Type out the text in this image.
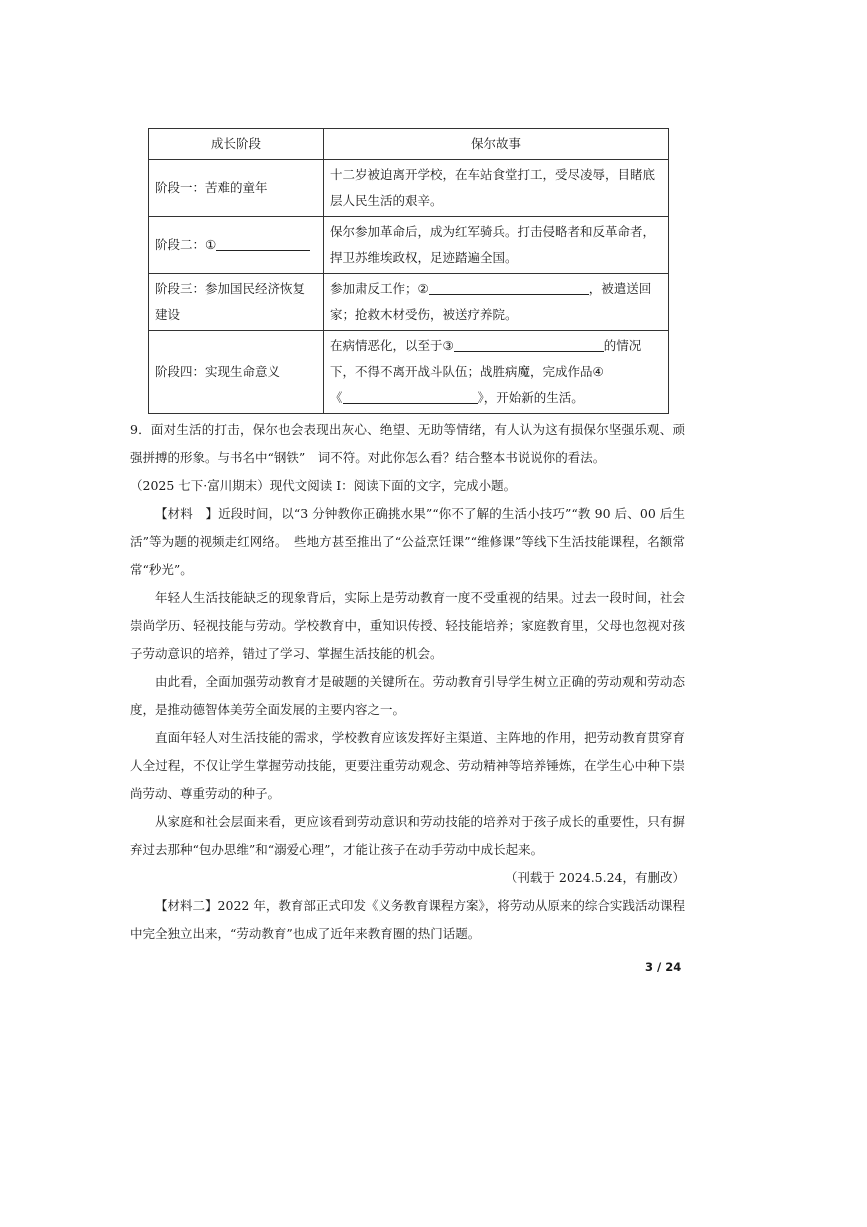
成长阶段	保尔故事
阶段一：苦难的童年	十二岁被迫离开学校，在车站食堂打工，受尽凌辱，目睹底层人民生活的艰辛。
阶段二：①	保尔参加革命后，成为红军骑兵。打击侵略者和反革命者，捍卫苏维埃政权，足迹踏遍全国。
阶段三：参加国民经济恢复建设	参加肃反工作；② ，被遣送回家；抢救木材受伤，被送疗养院。
阶段四：实现生命意义	在病情恶化，以至于③ 的情况下，不得不离开战斗队伍；战胜病魔，完成作品④
《 》，开始新的生活。

9．面对生活的打击，保尔也会表现出灰心、绝望、无助等情绪，有人认为这有损保尔坚强乐观、顽强拼搏的形象。与书名中“钢铁”　词不符。对此你怎么看？结合整本书说说你的看法。

（2025 七下·富川期末）现代文阅读 I：阅读下面的文字，完成小题。

【材料　】近段时间，以“3 分钟教你正确挑水果”“你不了解的生活小技巧”“教 90 后、00 后生活”等为题的视频走红网络。　些地方甚至推出了“公益烹饪课”“维修课”等线下生活技能课程，名额常常“秒光”。

年轻人生活技能缺乏的现象背后，实际上是劳动教育一度不受重视的结果。过去一段时间，社会崇尚学历、轻视技能与劳动。学校教育中，重知识传授、轻技能培养；家庭教育里，父母也忽视对孩子劳动意识的培养，错过了学习、掌握生活技能的机会。

由此看，全面加强劳动教育才是破题的关键所在。劳动教育引导学生树立正确的劳动观和劳动态度，是推动德智体美劳全面发展的主要内容之一。

直面年轻人对生活技能的需求，学校教育应该发挥好主渠道、主阵地的作用，把劳动教育贯穿育人全过程，不仅让学生掌握劳动技能，更要注重劳动观念、劳动精神等培养锤炼，在学生心中种下崇尚劳动、尊重劳动的种子。

从家庭和社会层面来看，更应该看到劳动意识和劳动技能的培养对于孩子成长的重要性，只有摒弃过去那种“包办思维”和“溺爱心理”，才能让孩子在动手劳动中成长起来。

（刊载于 2024.5.24，有删改）

【材料二】2022 年，教育部正式印发《义务教育课程方案》，将劳动从原来的综合实践活动课程中完全独立出来，“劳动教育”也成了近年来教育圈的热门话题。

3 / 24
